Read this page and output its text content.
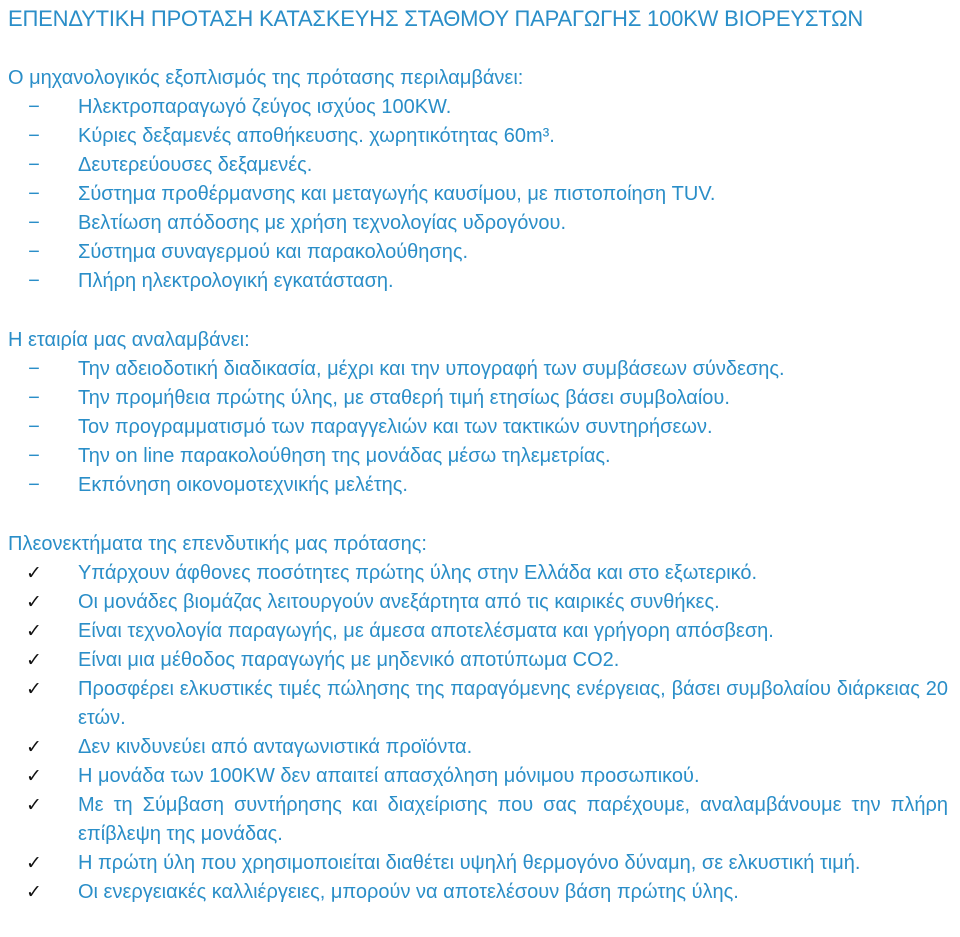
ΕΠΕΝΔΥΤΙΚΗ ΠΡΟΤΑΣΗ ΚΑΤΑΣΚΕΥΗΣ ΣΤΑΘΜΟΥ ΠΑΡΑΓΩΓΗΣ 100KW ΒΙΟΡΕΥΣΤΩΝ
Ο μηχανολογικός εξοπλισμός της πρότασης περιλαμβάνει:
−	Ηλεκτροπαραγωγό ζεύγος ισχύος 100KW.
−	Κύριες δεξαμενές αποθήκευσης. χωρητικότητας 60m³.
−	Δευτερεύουσες δεξαμενές.
−	Σύστημα προθέρμανσης και μεταγωγής καυσίμου, με πιστοποίηση TUV.
−	Βελτίωση απόδοσης με χρήση τεχνολογίας υδρογόνου.
−	Σύστημα συναγερμού και παρακολούθησης.
−	Πλήρη ηλεκτρολογική εγκατάσταση.
Η εταιρία μας αναλαμβάνει:
−	Την αδειοδοτική διαδικασία, μέχρι και την υπογραφή των συμβάσεων σύνδεσης.
−	Την προμήθεια πρώτης ύλης, με σταθερή τιμή ετησίως βάσει συμβολαίου.
−	Τον προγραμματισμό των παραγγελιών και των τακτικών συντηρήσεων.
−	Την on line παρακολούθηση της μονάδας μέσω τηλεμετρίας.
−	Εκπόνηση οικονομοτεχνικής μελέτης.
Πλεονεκτήματα της επενδυτικής μας πρότασης:
✓ Υπάρχουν άφθονες ποσότητες πρώτης ύλης στην Ελλάδα και στο εξωτερικό.
✓ Οι μονάδες βιομάζας λειτουργούν ανεξάρτητα από τις καιρικές συνθήκες.
✓ Είναι τεχνολογία παραγωγής, με άμεσα αποτελέσματα και γρήγορη απόσβεση.
✓ Είναι μια μέθοδος παραγωγής με μηδενικό αποτύπωμα CO2.
✓ Προσφέρει ελκυστικές τιμές πώλησης της παραγόμενης ενέργειας, βάσει συμβολαίου διάρκειας 20 ετών.
✓ Δεν κινδυνεύει από ανταγωνιστικά προϊόντα.
✓ Η μονάδα των 100KW δεν απαιτεί απασχόληση μόνιμου προσωπικού.
✓ Με τη Σύμβαση συντήρησης και διαχείρισης που σας παρέχουμε, αναλαμβάνουμε την πλήρη επίβλεψη της μονάδας.
✓ Η πρώτη ύλη που χρησιμοποιείται διαθέτει υψηλή θερμογόνο δύναμη, σε ελκυστική τιμή.
✓ Οι ενεργειακές καλλιέργειες, μπορούν να αποτελέσουν βάση πρώτης ύλης.
